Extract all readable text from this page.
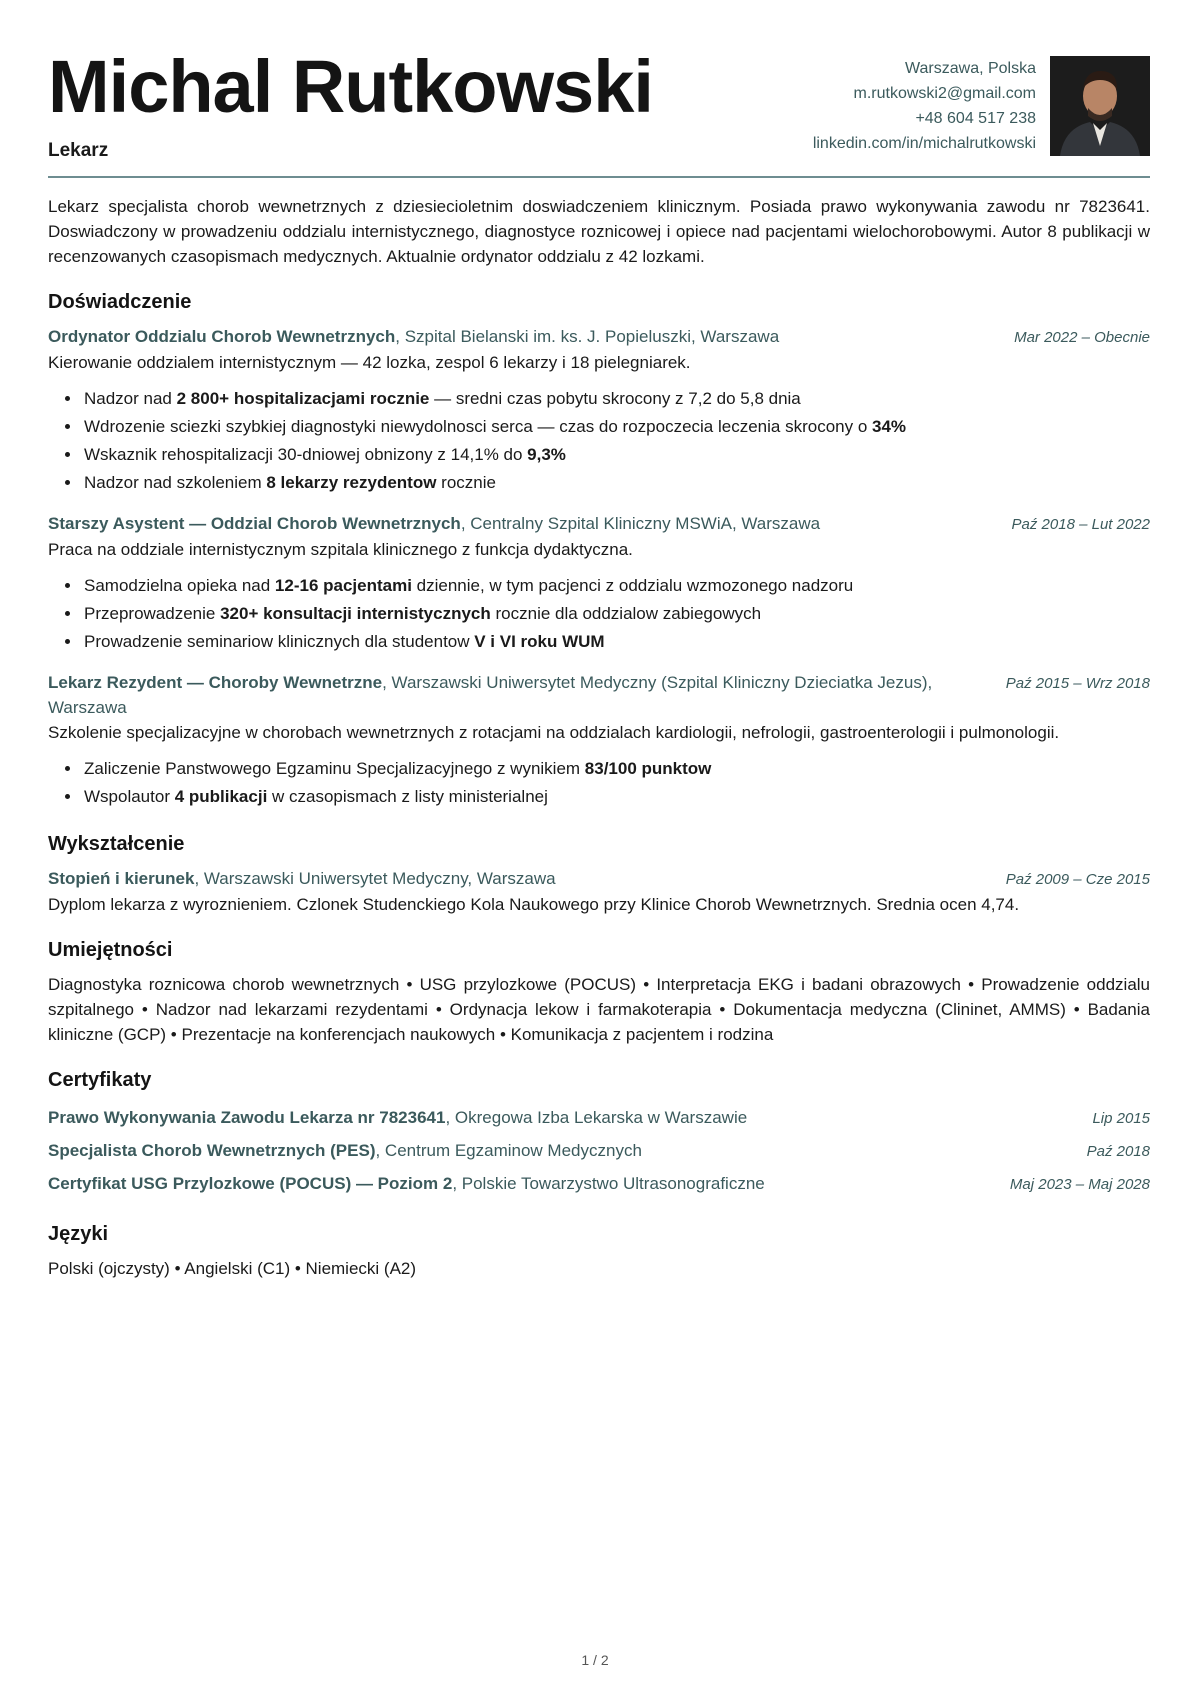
Michal Rutkowski
Lekarz
Warszawa, Polska
m.rutkowski2@gmail.com
+48 604 517 238
linkedin.com/in/michalrutkowski
Lekarz specjalista chorob wewnetrznych z dziesiecioletnim doswiadczeniem klinicznym. Posiada prawo wykonywania zawodu nr 7823641. Doswiadczony w prowadzeniu oddzialu internistycznego, diagnostyce roznicowej i opiece nad pacjentami wielochorobowymi. Autor 8 publikacji w recenzowanych czasopismach medycznych. Aktualnie ordynator oddzialu z 42 lozkami.
Doświadczenie
Ordynator Oddzialu Chorob Wewnetrznych, Szpital Bielanski im. ks. J. Popieluszki, Warszawa	Mar 2022 – Obecnie
Kierowanie oddzialem internistycznym — 42 lozka, zespol 6 lekarzy i 18 pielegniarek.
• Nadzor nad 2 800+ hospitalizacjami rocznie — sredni czas pobytu skrocony z 7,2 do 5,8 dnia
• Wdrozenie sciezki szybkiej diagnostyki niewydolnosci serca — czas do rozpoczecia leczenia skrocony o 34%
• Wskaznik rehospitalizacji 30-dniowej obnizony z 14,1% do 9,3%
• Nadzor nad szkoleniem 8 lekarzy rezydentow rocznie
Starszy Asystent — Oddzial Chorob Wewnetrznych, Centralny Szpital Kliniczny MSWiA, Warszawa	Paź 2018 – Lut 2022
Praca na oddziale internistycznym szpitala klinicznego z funkcja dydaktyczna.
• Samodzielna opieka nad 12-16 pacjentami dziennie, w tym pacjenci z oddzialu wzmozonego nadzoru
• Przeprowadzenie 320+ konsultacji internistycznych rocznie dla oddzialow zabiegowych
• Prowadzenie seminariow klinicznych dla studentow V i VI roku WUM
Lekarz Rezydent — Choroby Wewnetrzne, Warszawski Uniwersytet Medyczny (Szpital Kliniczny Dzieciatka Jezus), Warszawa
Paź 2015 – Wrz 2018
Szkolenie specjalizacyjne w chorobach wewnetrznych z rotacjami na oddzialach kardiologii, nefrologii, gastroenterologii i pulmonologii.
• Zaliczenie Panstwowego Egzaminu Specjalizacyjnego z wynikiem 83/100 punktow
• Wspolautor 4 publikacji w czasopismach z listy ministerialnej
Wykształcenie
Stopień i kierunek, Warszawski Uniwersytet Medyczny, Warszawa	Paź 2009 – Cze 2015
Dyplom lekarza z wyroznieniem. Czlonek Studenckiego Kola Naukowego przy Klinice Chorob Wewnetrznych. Srednia ocen 4,74.
Umiejętności
Diagnostyka roznicowa chorob wewnetrznych • USG przylozkowe (POCUS) • Interpretacja EKG i badani obrazowych • Prowadzenie oddzialu szpitalnego • Nadzor nad lekarzami rezydentami • Ordynacja lekow i farmakoterapia • Dokumentacja medyczna (Clininet, AMMS) • Badania kliniczne (GCP) • Prezentacje na konferencjach naukowych • Komunikacja z pacjentem i rodzina
Certyfikaty
Prawo Wykonywania Zawodu Lekarza nr 7823641, Okregowa Izba Lekarska w Warszawie	Lip 2015
Specjalista Chorob Wewnetrznych (PES), Centrum Egzaminow Medycznych	Paź 2018
Certyfikat USG Przylozkowe (POCUS) — Poziom 2, Polskie Towarzystwo Ultrasonograficzne	Maj 2023 – Maj 2028
Języki
Polski (ojczysty) • Angielski (C1) • Niemiecki (A2)
1 / 2
